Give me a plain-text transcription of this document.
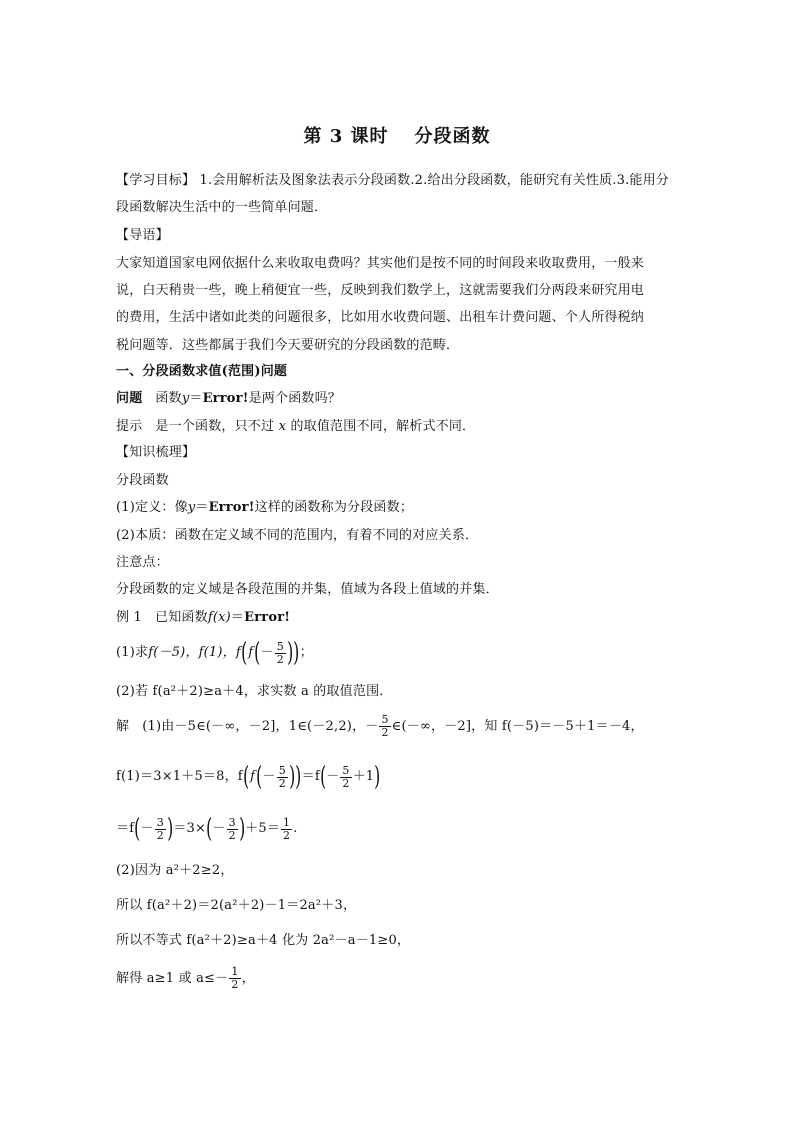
第 3 课时 分段函数
【学习目标】 1.会用解析法及图象法表示分段函数.2.给出分段函数，能研究有关性质.3.能用分
段函数解决生活中的一些简单问题．
【导语】
大家知道国家电网依据什么来收取电费吗？其实他们是按不同的时间段来收取费用，一般来
说，白天稍贵一些，晚上稍便宜一些，反映到我们数学上，这就需要我们分两段来研究用电
的费用，生活中诸如此类的问题很多，比如用水收费问题、出租车计费问题、个人所得税纳
税问题等．这些都属于我们今天要研究的分段函数的范畴．
一、分段函数求值(范围)问题
问题 函数y＝Error!是两个函数吗？
提示 是一个函数，只不过 x 的取值范围不同，解析式不同．
【知识梳理】
分段函数
(1)定义：像y＝Error!这样的函数称为分段函数；
(2)本质：函数在定义域不同的范围内，有着不同的对应关系．
注意点：
分段函数的定义域是各段范围的并集，值域为各段上值域的并集．
例 1 已知函数f(x)＝Error!
(1)求 f(－5)，f(1)，f ( f ( － $\frac{5}{2}$ ) ) ；
(2)若 f(a²＋2)≥a＋4，求实数 a 的取值范围．
解
(1)由－5∈(－∞，－2]，1∈(－2,2)，－ $\frac{5}{2}$ ∈(－∞，－2]，知 f(－5)＝－5＋1＝－4，
f(1)＝3×1＋5＝8，f ( f ( － $\frac{5}{2}$ ) ) ＝f ( － $\frac{5}{2} +1$ )
＝f ( － $\frac{3}{2}$ ) ＝3× ( － $\frac{3}{2}$ ) $+5= \frac{1}{2}$ .
(2)因为 a²＋2≥2，
所以 f(a²＋2)＝2(a²＋2)－1＝2a²＋3，
所以不等式 f(a²＋2)≥a＋4 化为 2a²－a－1≥0，
解得 a≥1 或 $a\le- \frac{1}{2}$ ，
